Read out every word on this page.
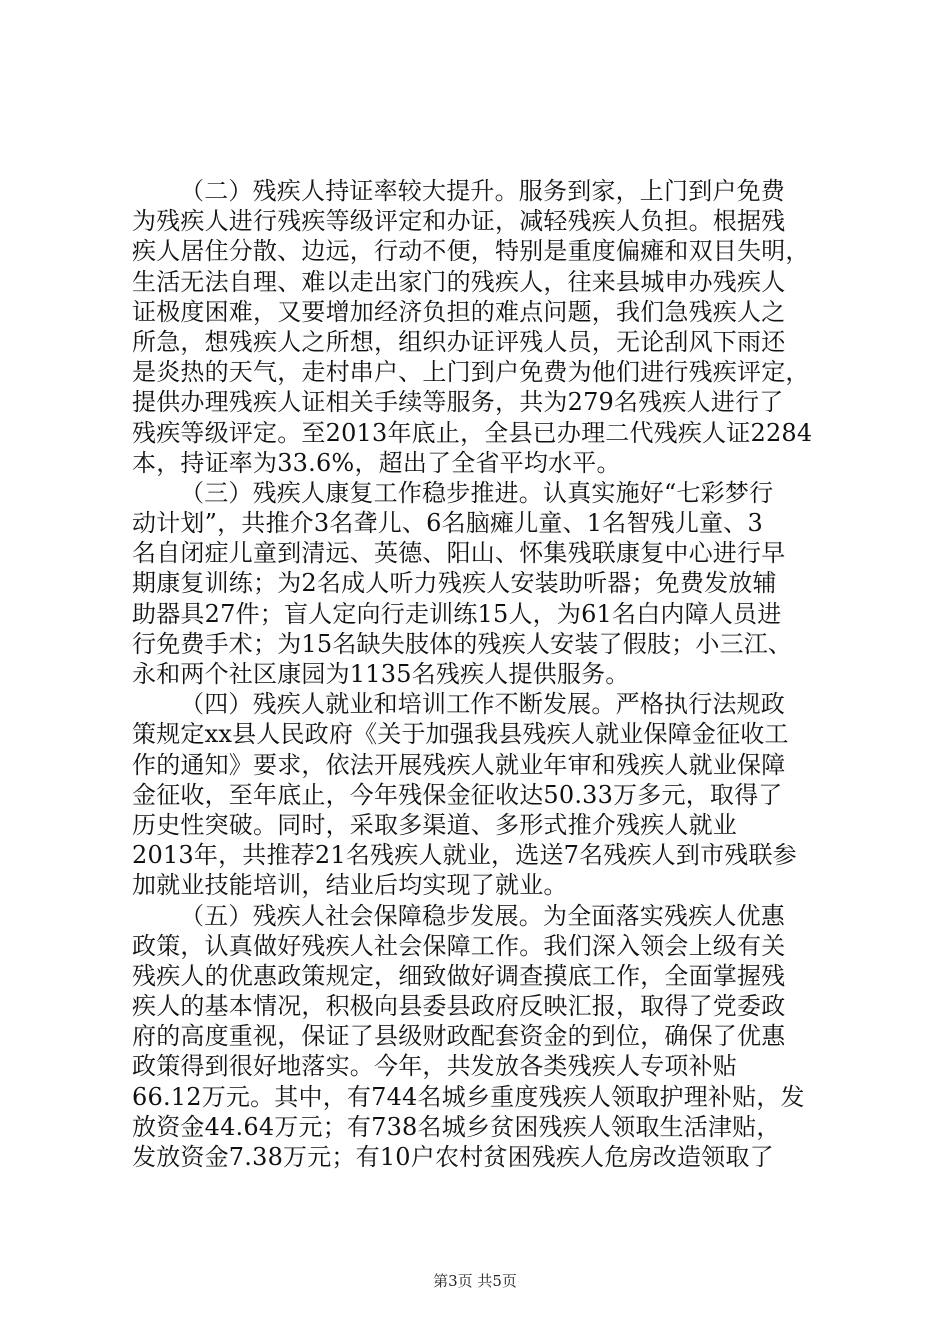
（二）残疾人持证率较大提升。服务到家，上门到户免费
为残疾人进行残疾等级评定和办证，减轻残疾人负担。根据残
疾人居住分散、边远，行动不便，特别是重度偏瘫和双目失明，
生活无法自理、难以走出家门的残疾人，往来县城申办残疾人
证极度困难，又要增加经济负担的难点问题，我们急残疾人之
所急，想残疾人之所想，组织办证评残人员，无论刮风下雨还
是炎热的天气，走村串户、上门到户免费为他们进行残疾评定，
提供办理残疾人证相关手续等服务，共为279名残疾人进行了
残疾等级评定。至2013年底止，全县已办理二代残疾人证2284
本，持证率为33.6%，超出了全省平均水平。
（三）残疾人康复工作稳步推进。认真实施好“七彩梦行
动计划”，共推介3名聋儿、6名脑瘫儿童、1名智残儿童、3
名自闭症儿童到清远、英德、阳山、怀集残联康复中心进行早
期康复训练；为2名成人听力残疾人安装助听器；免费发放辅
助器具27件；盲人定向行走训练15人，为61名白内障人员进
行免费手术；为15名缺失肢体的残疾人安装了假肢；小三江、
永和两个社区康园为1135名残疾人提供服务。
（四）残疾人就业和培训工作不断发展。严格执行法规政
策规定xx县人民政府《关于加强我县残疾人就业保障金征收工
作的通知》要求，依法开展残疾人就业年审和残疾人就业保障
金征收，至年底止，今年残保金征收达50.33万多元，取得了
历史性突破。同时，采取多渠道、多形式推介残疾人就业
2013年，共推荐21名残疾人就业，选送7名残疾人到市残联参
加就业技能培训，结业后均实现了就业。
（五）残疾人社会保障稳步发展。为全面落实残疾人优惠
政策，认真做好残疾人社会保障工作。我们深入领会上级有关
残疾人的优惠政策规定，细致做好调查摸底工作，全面掌握残
疾人的基本情况，积极向县委县政府反映汇报，取得了党委政
府的高度重视，保证了县级财政配套资金的到位，确保了优惠
政策得到很好地落实。今年，共发放各类残疾人专项补贴
66.12万元。其中，有744名城乡重度残疾人领取护理补贴，发
放资金44.64万元；有738名城乡贫困残疾人领取生活津贴，
发放资金7.38万元；有10户农村贫困残疾人危房改造领取了
第3页 共5页
